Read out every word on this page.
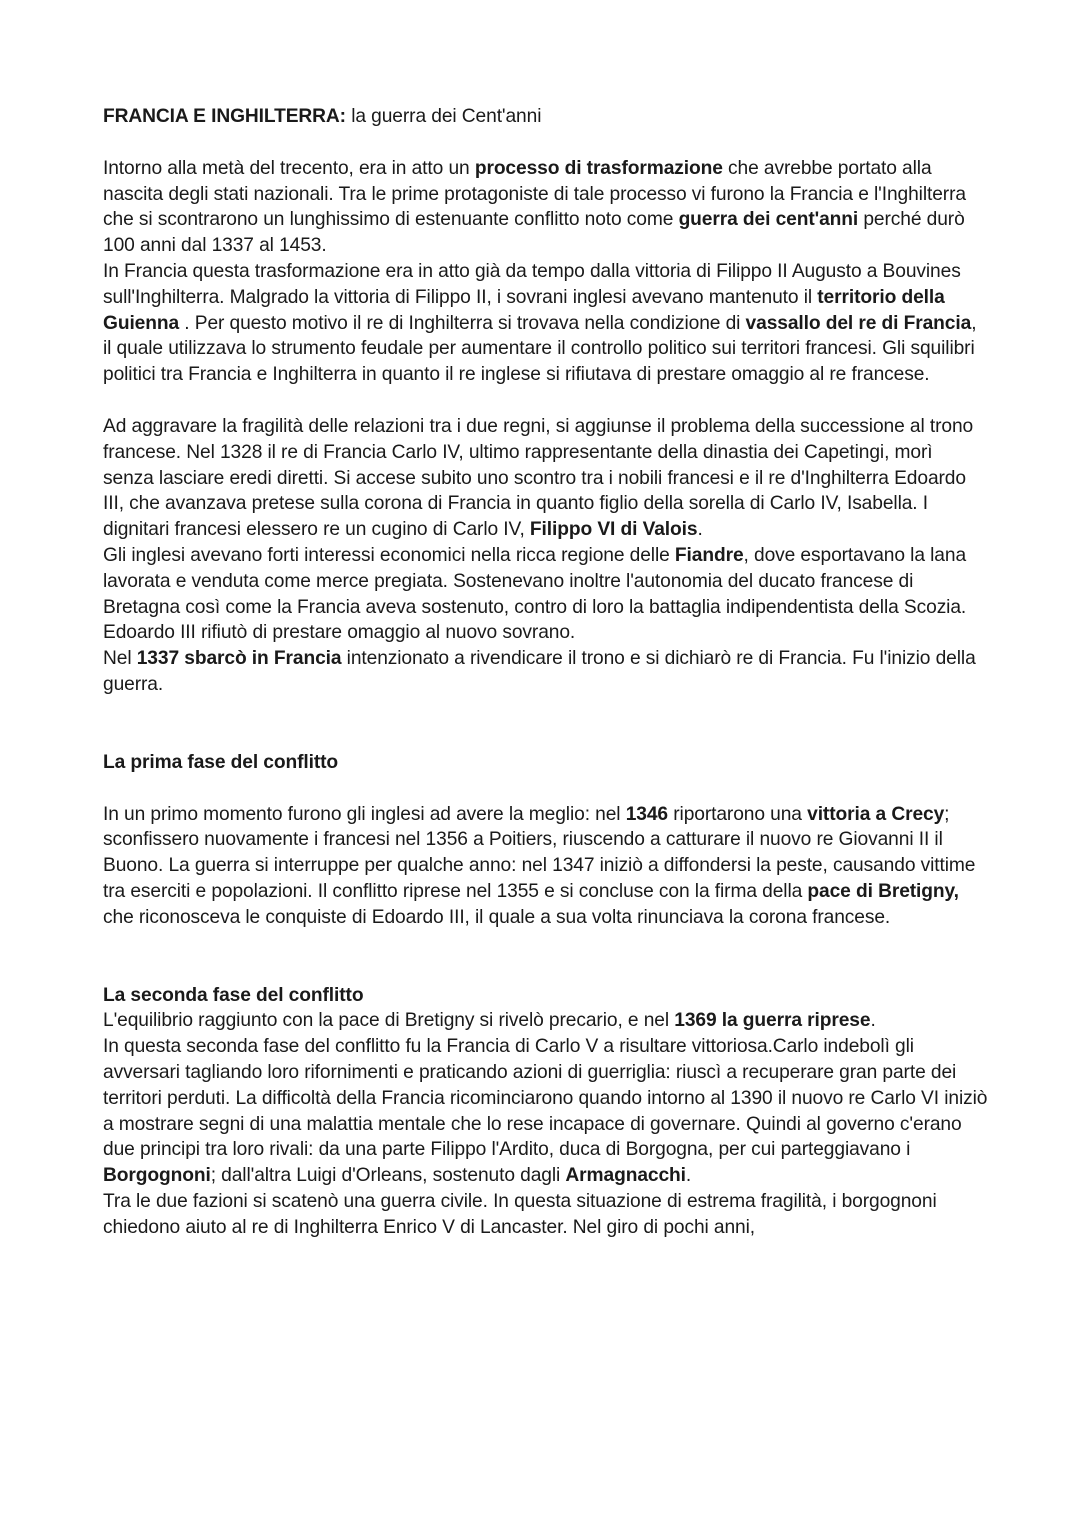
FRANCIA E INGHILTERRA: la guerra dei Cent'anni

Intorno alla metà del trecento, era in atto un processo di trasformazione che avrebbe portato alla nascita degli stati nazionali. Tra le prime protagoniste di tale processo vi furono la Francia e l'Inghilterra che si scontrarono un lunghissimo di estenuante conflitto noto come guerra dei cent'anni perché durò 100 anni dal 1337 al 1453.

In Francia questa trasformazione era in atto già da tempo dalla vittoria di Filippo II Augusto a Bouvines sull'Inghilterra. Malgrado la vittoria di Filippo II, i sovrani inglesi avevano mantenuto il territorio della Guienna . Per questo motivo il re di Inghilterra si trovava nella condizione di vassallo del re di Francia, il quale utilizzava lo strumento feudale per aumentare il controllo politico sui territori francesi. Gli squilibri politici tra Francia e Inghilterra in quanto il re inglese si rifiutava di prestare omaggio al re francese.

Ad aggravare la fragilità delle relazioni tra i due regni, si aggiunse il problema della successione al trono francese. Nel 1328 il re di Francia Carlo IV, ultimo rappresentante della dinastia dei Capetingi, morì senza lasciare eredi diretti. Si accese subito uno scontro tra i nobili francesi e il re d'Inghilterra Edoardo III, che avanzava pretese sulla corona di Francia in quanto figlio della sorella di Carlo IV, Isabella. I dignitari francesi elessero re un cugino di Carlo IV, Filippo VI di Valois.

Gli inglesi avevano forti interessi economici nella ricca regione delle Fiandre, dove esportavano la lana lavorata e venduta come merce pregiata. Sostenevano inoltre l'autonomia del ducato francese di Bretagna così come la Francia aveva sostenuto, contro di loro la battaglia indipendentista della Scozia. Edoardo III rifiutò di prestare omaggio al nuovo sovrano.

Nel 1337 sbarcò in Francia intenzionato a rivendicare il trono e si dichiarò re di Francia. Fu l'inizio della guerra.

La prima fase del conflitto

In un primo momento furono gli inglesi ad avere la meglio: nel 1346 riportarono una vittoria a Crecy; sconfissero nuovamente i francesi nel 1356 a Poitiers, riuscendo a catturare il nuovo re Giovanni II il Buono. La guerra si interruppe per qualche anno: nel 1347 iniziò a diffondersi la peste, causando vittime tra eserciti e popolazioni. Il conflitto riprese nel 1355 e si concluse con la firma della pace di Bretigny, che riconosceva le conquiste di Edoardo III, il quale a sua volta rinunciava la corona francese.

La seconda fase del conflitto

L'equilibrio raggiunto con la pace di Bretigny si rivelò precario, e nel 1369 la guerra riprese.

In questa seconda fase del conflitto fu la Francia di Carlo V a risultare vittoriosa.Carlo indebolì gli avversari tagliando loro rifornimenti e praticando azioni di guerriglia: riuscì a recuperare gran parte dei territori perduti. La difficoltà della Francia ricominciarono quando intorno al 1390 il nuovo re Carlo VI iniziò a mostrare segni di una malattia mentale che lo rese incapace di governare. Quindi al governo c'erano due principi tra loro rivali: da una parte Filippo l'Ardito, duca di Borgogna, per cui parteggiavano i Borgognoni; dall'altra Luigi d'Orleans, sostenuto dagli Armagnacchi.

Tra le due fazioni si scatenò una guerra civile. In questa situazione di estrema fragilità, i borgognoni chiedono aiuto al re di Inghilterra Enrico V di Lancaster. Nel giro di pochi anni,
